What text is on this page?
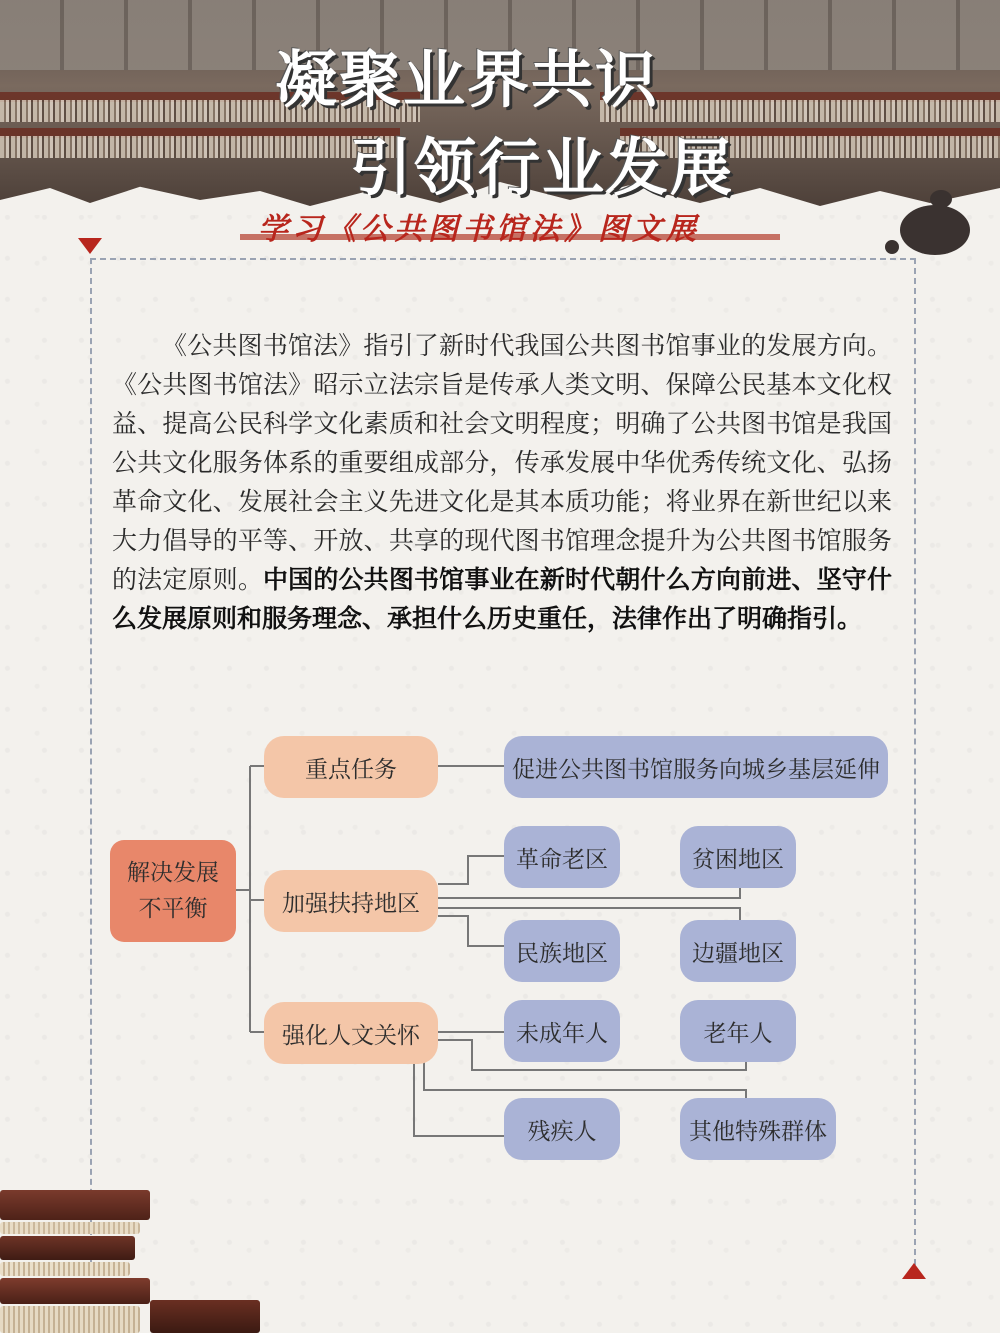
凝聚业界共识
引领行业发展
学习《公共图书馆法》图文展
《公共图书馆法》指引了新时代我国公共图书馆事业的发展方向。《公共图书馆法》昭示立法宗旨是传承人类文明、保障公民基本文化权益、提高公民科学文化素质和社会文明程度；明确了公共图书馆是我国公共文化服务体系的重要组成部分，传承发展中华优秀传统文化、弘扬革命文化、发展社会主义先进文化是其本质功能；将业界在新世纪以来大力倡导的平等、开放、共享的现代图书馆理念提升为公共图书馆服务的法定原则。中国的公共图书馆事业在新时代朝什么方向前进、坚守什么发展原则和服务理念、承担什么历史重任，法律作出了明确指引。
解决发展
不平衡
重点任务
加强扶持地区
强化人文关怀
促进公共图书馆服务向城乡基层延伸
革命老区	贫困地区
民族地区	边疆地区
未成年人	老年人
残疾人	其他特殊群体
